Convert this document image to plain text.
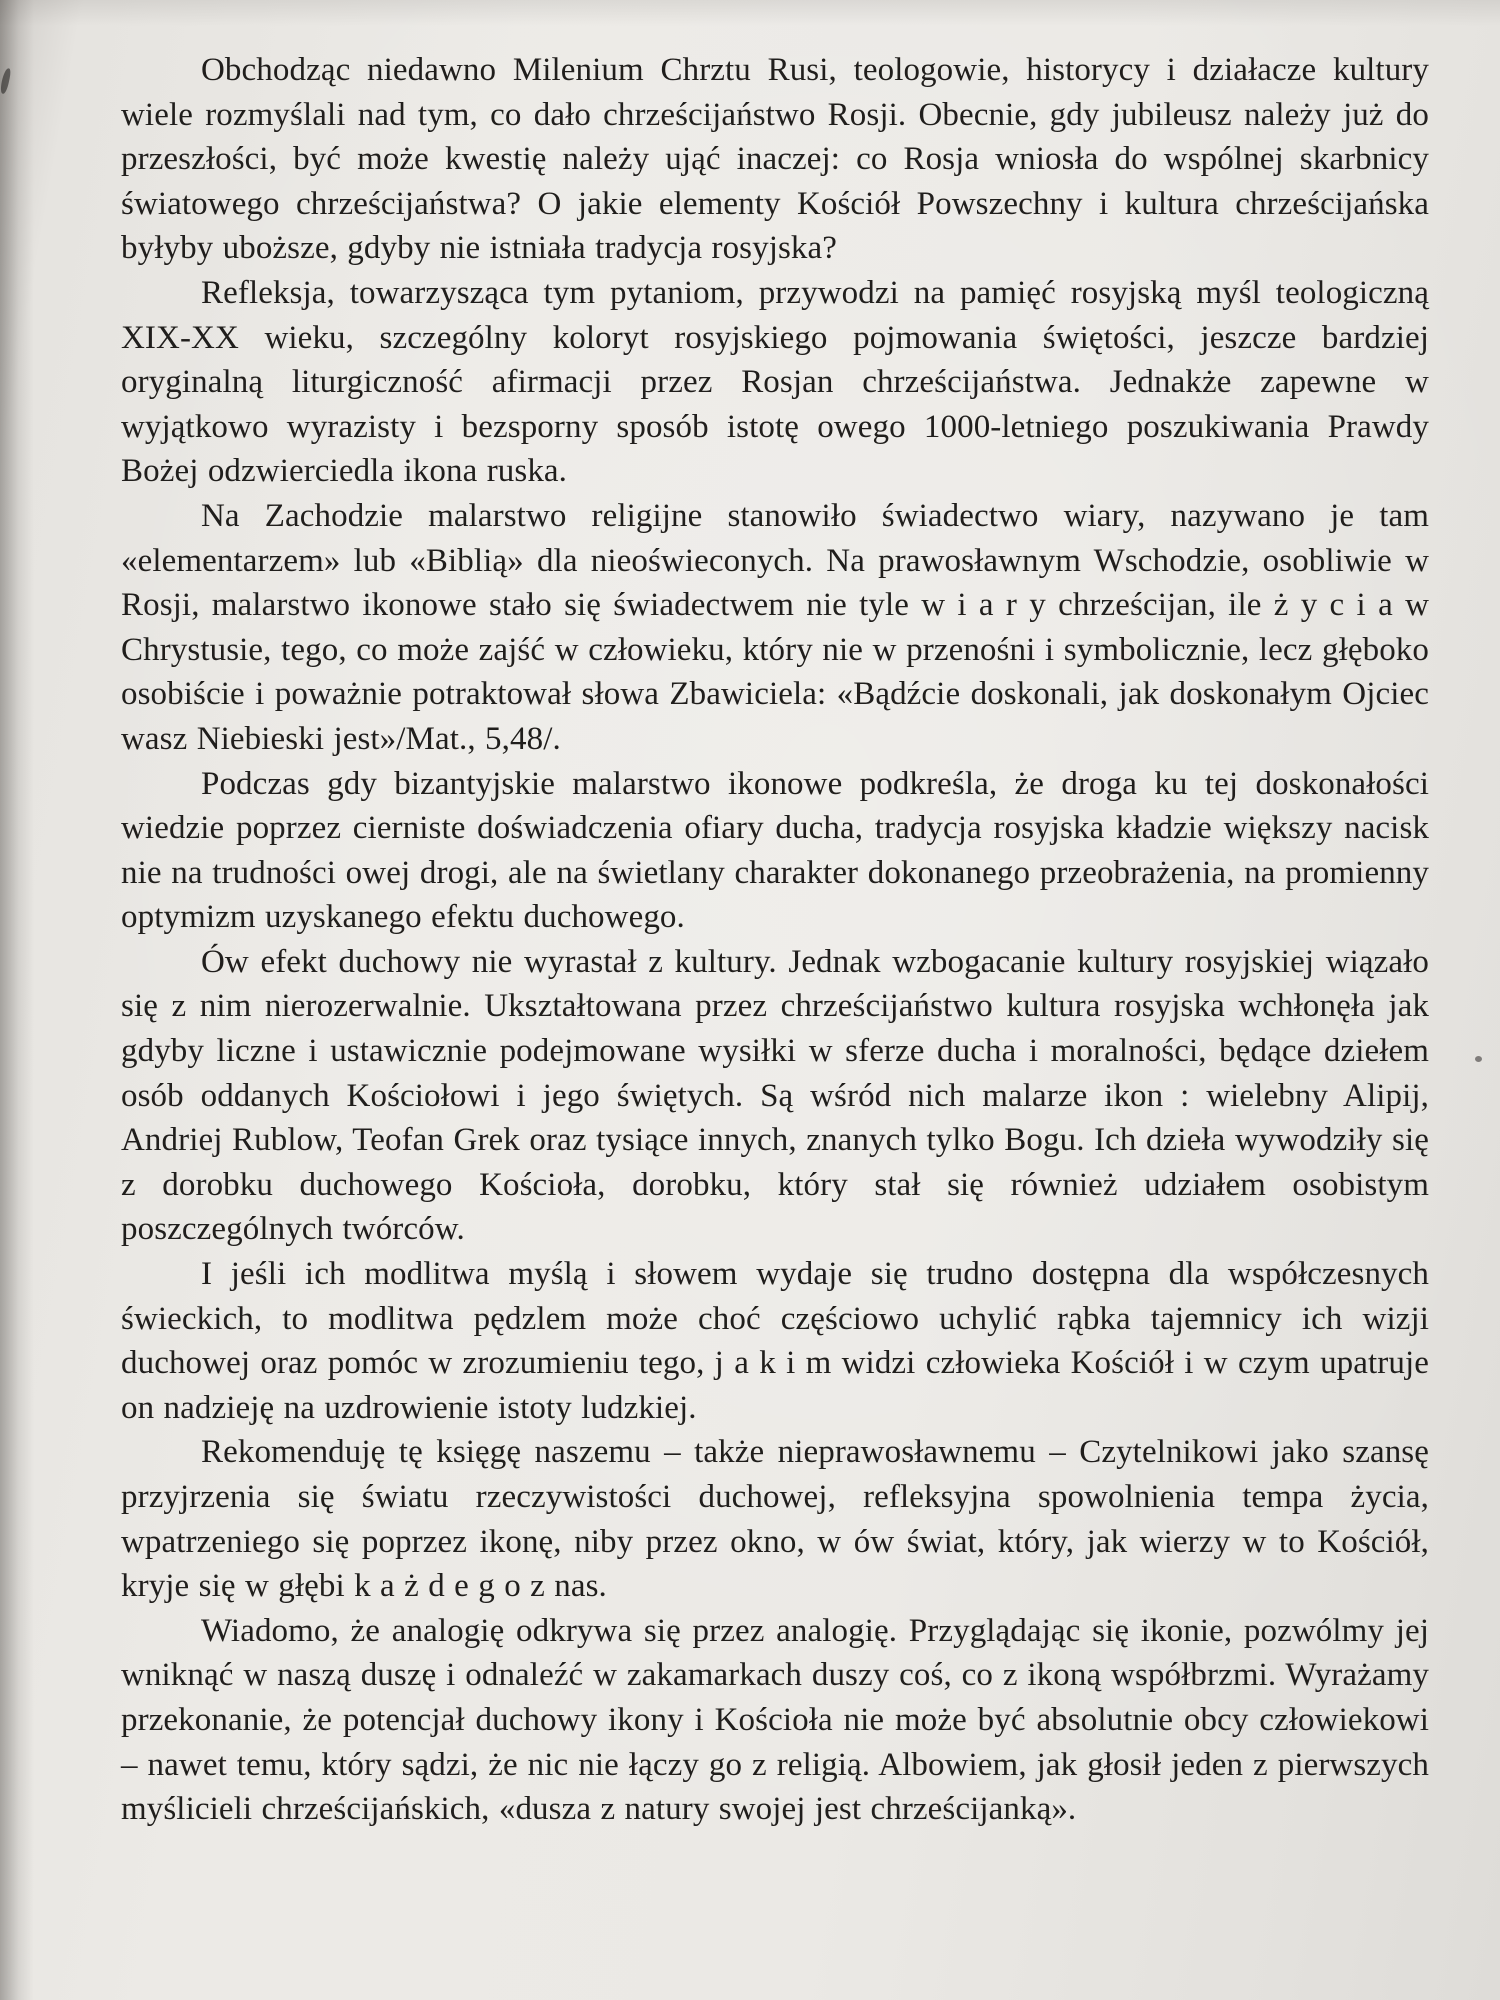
Obchodząc niedawno Milenium Chrztu Rusi, teologowie, historycy i działacze kultury wiele rozmyślali nad tym, co dało chrześcijaństwo Rosji. Obecnie, gdy jubileusz należy już do przeszłości, być może kwestię należy ująć inaczej: co Rosja wniosła do wspólnej skarbnicy światowego chrześcijaństwa? O jakie elementy Kościół Powszechny i kultura chrześcijańska byłyby uboższe, gdyby nie istniała tradycja rosyjska?

Refleksja, towarzysząca tym pytaniom, przywodzi na pamięć rosyjską myśl teologiczną XIX-XX wieku, szczególny koloryt rosyjskiego pojmowania świętości, jeszcze bardziej oryginalną liturgiczność afirmacji przez Rosjan chrześcijaństwa. Jednakże zapewne w wyjątkowo wyrazisty i bezsporny sposób istotę owego 1000-letniego poszukiwania Prawdy Bożej odzwierciedla ikona ruska.

Na Zachodzie malarstwo religijne stanowiło świadectwo wiary, nazywano je tam «elementarzem» lub «Biblią» dla nieoświeconych. Na prawosławnym Wschodzie, osobliwie w Rosji, malarstwo ikonowe stało się świadectwem nie tyle w i a r y chrześcijan, ile ż y c i a w Chrystusie, tego, co może zajść w człowieku, który nie w przenośni i symbolicznie, lecz głęboko osobiście i poważnie potraktował słowa Zbawiciela: «Bądźcie doskonali, jak doskonałym Ojciec wasz Niebieski jest»/Mat., 5,48/.

Podczas gdy bizantyjskie malarstwo ikonowe podkreśla, że droga ku tej doskonałości wiedzie poprzez cierniste doświadczenia ofiary ducha, tradycja rosyjska kładzie większy nacisk nie na trudności owej drogi, ale na świetlany charakter dokonanego przeobrażenia, na promienny optymizm uzyskanego efektu duchowego.

Ów efekt duchowy nie wyrastał z kultury. Jednak wzbogacanie kultury rosyjskiej wiązało się z nim nierozerwalnie. Ukształtowana przez chrześcijaństwo kultura rosyjska wchłonęła jak gdyby liczne i ustawicznie podejmowane wysiłki w sferze ducha i moralności, będące dziełem osób oddanych Kościołowi i jego świętych. Są wśród nich malarze ikon : wielebny Alipij, Andriej Rublow, Teofan Grek oraz tysiące innych, znanych tylko Bogu. Ich dzieła wywodziły się z dorobku duchowego Kościoła, dorobku, który stał się również udziałem osobistym poszczególnych twórców.

I jeśli ich modlitwa myślą i słowem wydaje się trudno dostępna dla współczesnych świeckich, to modlitwa pędzlem może choć częściowo uchylić rąbka tajemnicy ich wizji duchowej oraz pomóc w zrozumieniu tego, j a k i m widzi człowieka Kościół i w czym upatruje on nadzieję na uzdrowienie istoty ludzkiej.

Rekomenduję tę księgę naszemu – także nieprawosławnemu – Czytelnikowi jako szansę przyjrzenia się światu rzeczywistości duchowej, refleksyjna spowolnienia tempa życia, wpatrzeniego się poprzez ikonę, niby przez okno, w ów świat, który, jak wierzy w to Kościół, kryje się w głębi k a ż d e g o z nas.

Wiadomo, że analogię odkrywa się przez analogię. Przyglądając się ikonie, pozwólmy jej wniknąć w naszą duszę i odnaleźć w zakamarkach duszy coś, co z ikoną współbrzmi. Wyrażamy przekonanie, że potencjał duchowy ikony i Kościoła nie może być absolutnie obcy człowiekowi – nawet temu, który sądzi, że nic nie łączy go z religią. Albowiem, jak głosił jeden z pierwszych myślicieli chrześcijańskich, «dusza z natury swojej jest chrześcijanką».
